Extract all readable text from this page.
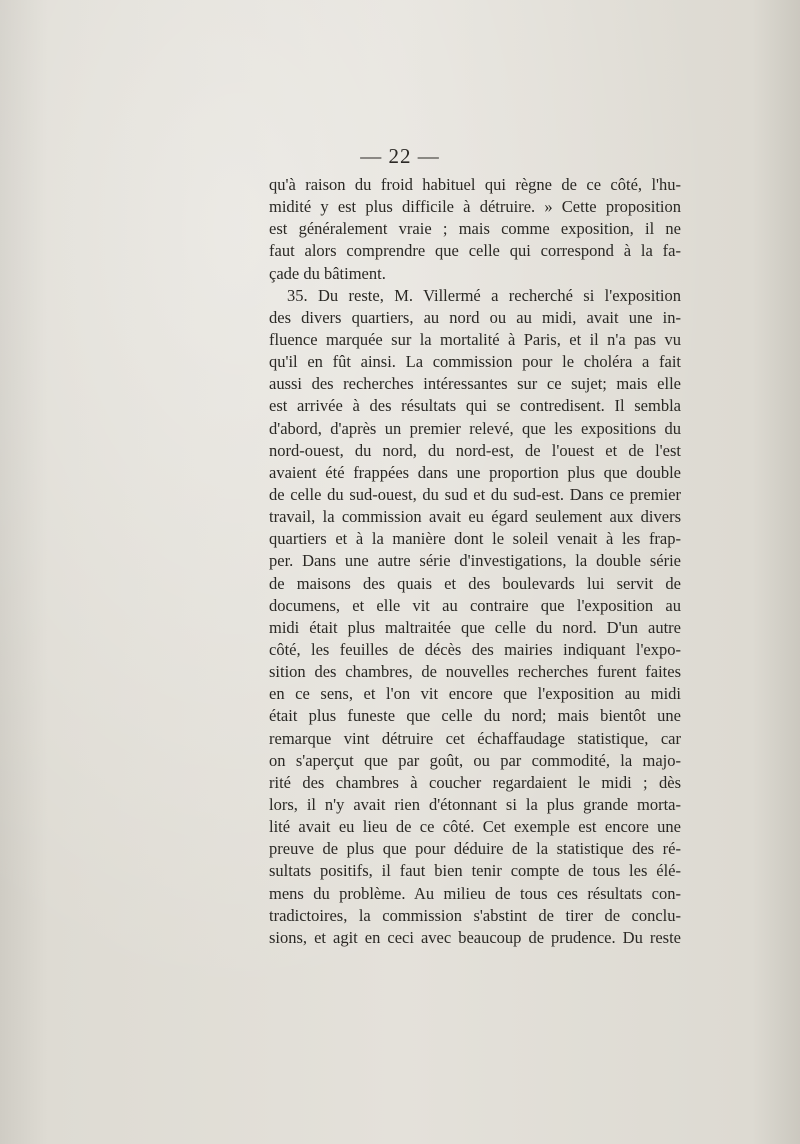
— 22 —
qu'à raison du froid habituel qui règne de ce côté, l'hu-
midité y est plus difficile à détruire. » Cette proposition
est généralement vraie ; mais comme exposition, il ne
faut alors comprendre que celle qui correspond à la fa-
çade du bâtiment.
35. Du reste, M. Villermé a recherché si l'exposition
des divers quartiers, au nord ou au midi, avait une in-
fluence marquée sur la mortalité à Paris, et il n'a pas vu
qu'il en fût ainsi. La commission pour le choléra a fait
aussi des recherches intéressantes sur ce sujet; mais elle
est arrivée à des résultats qui se contredisent. Il sembla
d'abord, d'après un premier relevé, que les expositions du
nord-ouest, du nord, du nord-est, de l'ouest et de l'est
avaient été frappées dans une proportion plus que double
de celle du sud-ouest, du sud et du sud-est. Dans ce premier
travail, la commission avait eu égard seulement aux divers
quartiers et à la manière dont le soleil venait à les frap-
per. Dans une autre série d'investigations, la double série
de maisons des quais et des boulevards lui servit de
documens, et elle vit au contraire que l'exposition au
midi était plus maltraitée que celle du nord. D'un autre
côté, les feuilles de décès des mairies indiquant l'expo-
sition des chambres, de nouvelles recherches furent faites
en ce sens, et l'on vit encore que l'exposition au midi
était plus funeste que celle du nord; mais bientôt une
remarque vint détruire cet échaffaudage statistique, car
on s'aperçut que par goût, ou par commodité, la majo-
rité des chambres à coucher regardaient le midi ; dès
lors, il n'y avait rien d'étonnant si la plus grande morta-
lité avait eu lieu de ce côté. Cet exemple est encore une
preuve de plus que pour déduire de la statistique des ré-
sultats positifs, il faut bien tenir compte de tous les élé-
mens du problème. Au milieu de tous ces résultats con-
tradictoires, la commission s'abstint de tirer de conclu-
sions, et agit en ceci avec beaucoup de prudence. Du reste
